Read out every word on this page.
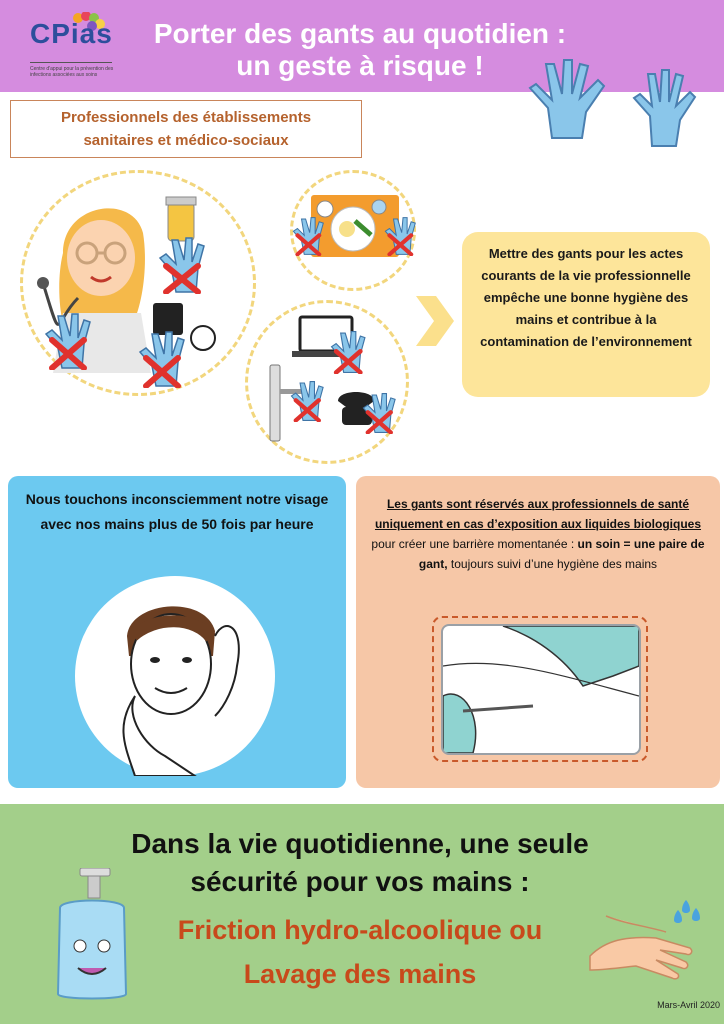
CPias
Centre d'appui pour la prévention des infections associées aux soins
Porter des gants au quotidien :
un geste à risque !
Professionnels des établissements
sanitaires et médico-sociaux
Mettre des gants pour les actes courants de la vie professionnelle empêche une bonne hygiène des mains et contribue à la contamination de l’environnement
Nous touchons inconsciemment notre visage avec nos mains plus de 50 fois par heure
Les gants sont réservés aux professionnels de santé uniquement en cas d’exposition aux liquides biologiques pour créer une barrière momentanée : un soin = une paire de gant, toujours suivi d’une hygiène des mains
Dans la vie quotidienne, une seule
sécurité pour vos mains :
Friction hydro-alcoolique ou
Lavage des mains
Mars-Avril 2020
